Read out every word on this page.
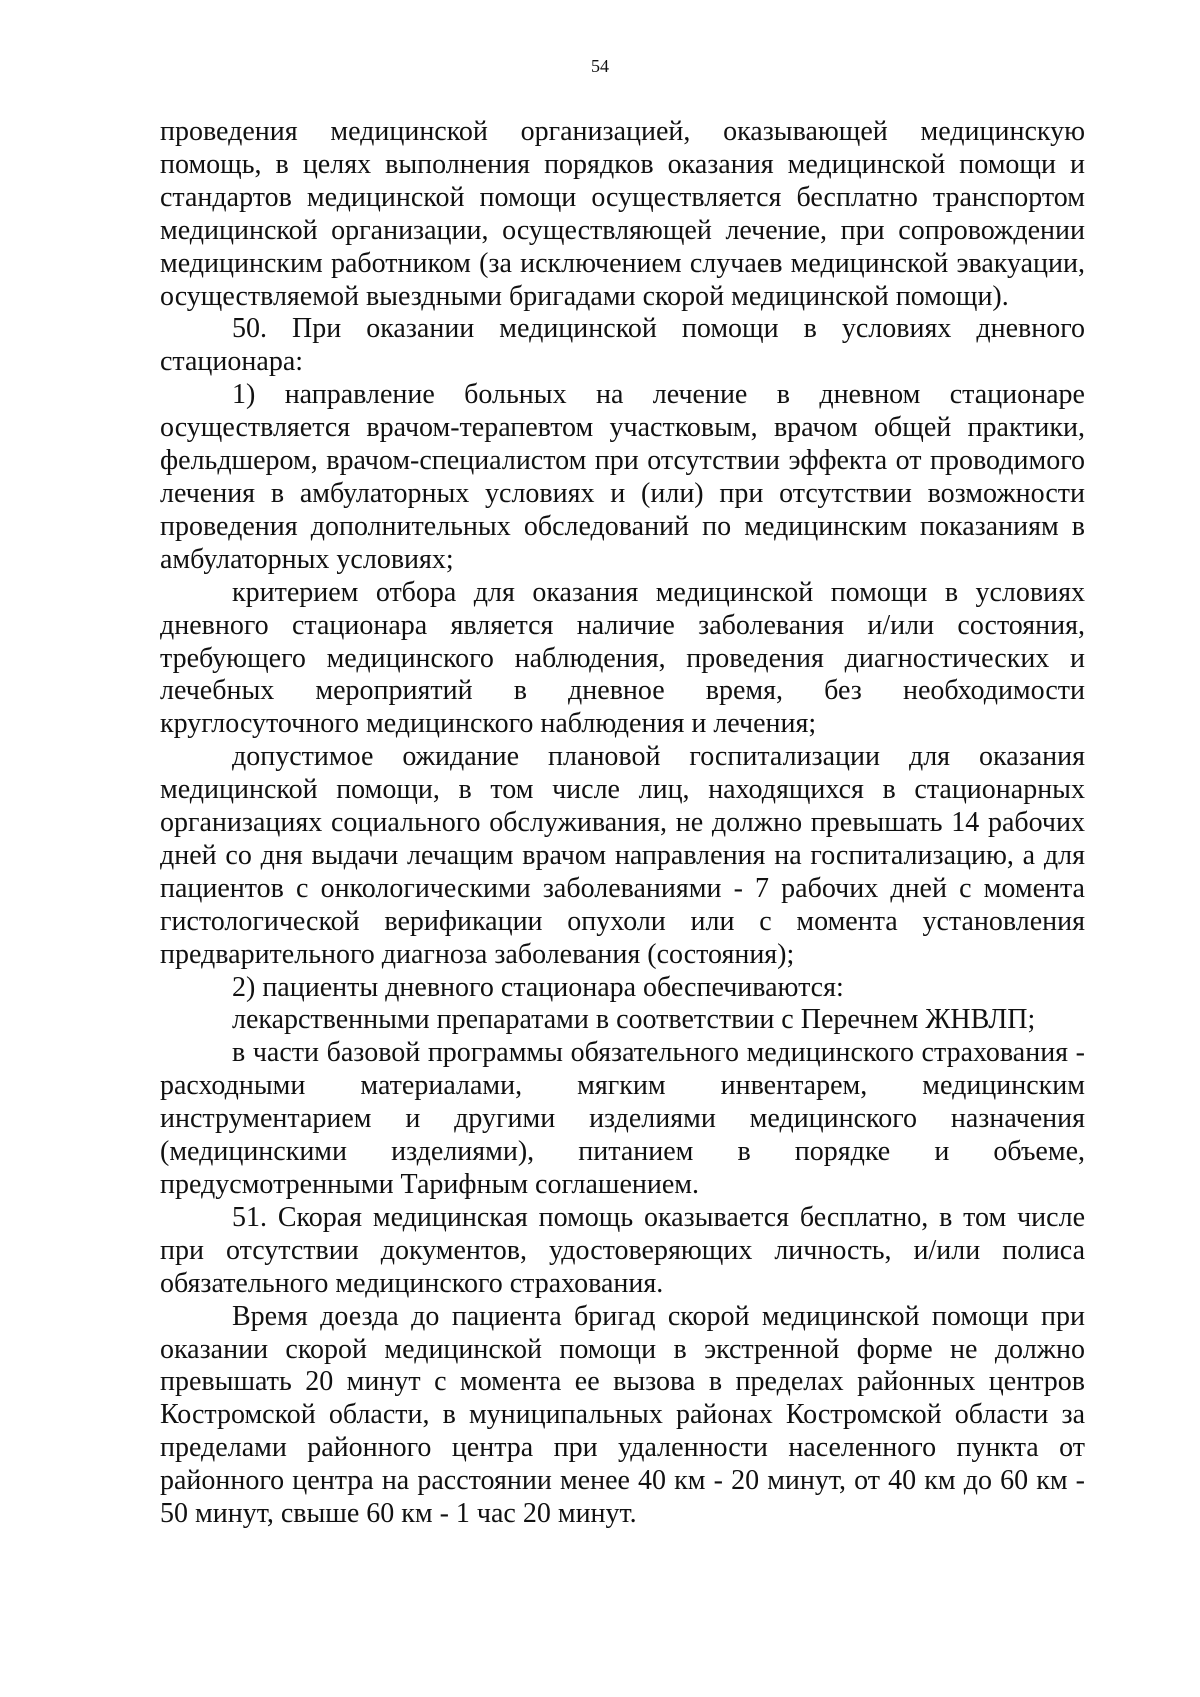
54

проведения медицинской организацией, оказывающей медицинскую помощь, в целях выполнения порядков оказания медицинской помощи и стандартов медицинской помощи осуществляется бесплатно транспортом медицинской организации, осуществляющей лечение, при сопровождении медицинским работником (за исключением случаев медицинской эвакуации, осуществляемой выездными бригадами скорой медицинской помощи).

50. При оказании медицинской помощи в условиях дневного стационара:

1) направление больных на лечение в дневном стационаре осуществляется врачом-терапевтом участковым, врачом общей практики, фельдшером, врачом-специалистом при отсутствии эффекта от проводимого лечения в амбулаторных условиях и (или) при отсутствии возможности проведения дополнительных обследований по медицинским показаниям в амбулаторных условиях;

критерием отбора для оказания медицинской помощи в условиях дневного стационара является наличие заболевания и/или состояния, требующего медицинского наблюдения, проведения диагностических и лечебных мероприятий в дневное время, без необходимости круглосуточного медицинского наблюдения и лечения;

допустимое ожидание плановой госпитализации для оказания медицинской помощи, в том числе лиц, находящихся в стационарных организациях социального обслуживания, не должно превышать 14 рабочих дней со дня выдачи лечащим врачом направления на госпитализацию, а для пациентов с онкологическими заболеваниями - 7 рабочих дней с момента гистологической верификации опухоли или с момента установления предварительного диагноза заболевания (состояния);

2) пациенты дневного стационара обеспечиваются:

лекарственными препаратами в соответствии с Перечнем ЖНВЛП;

в части базовой программы обязательного медицинского страхования - расходными материалами, мягким инвентарем, медицинским инструментарием и другими изделиями медицинского назначения (медицинскими изделиями), питанием в порядке и объеме, предусмотренными Тарифным соглашением.

51. Скорая медицинская помощь оказывается бесплатно, в том числе при отсутствии документов, удостоверяющих личность, и/или полиса обязательного медицинского страхования.

Время доезда до пациента бригад скорой медицинской помощи при оказании скорой медицинской помощи в экстренной форме не должно превышать 20 минут с момента ее вызова в пределах районных центров Костромской области, в муниципальных районах Костромской области за пределами районного центра при удаленности населенного пункта от районного центра на расстоянии менее 40 км - 20 минут, от 40 км до 60 км - 50 минут, свыше 60 км - 1 час 20 минут.
